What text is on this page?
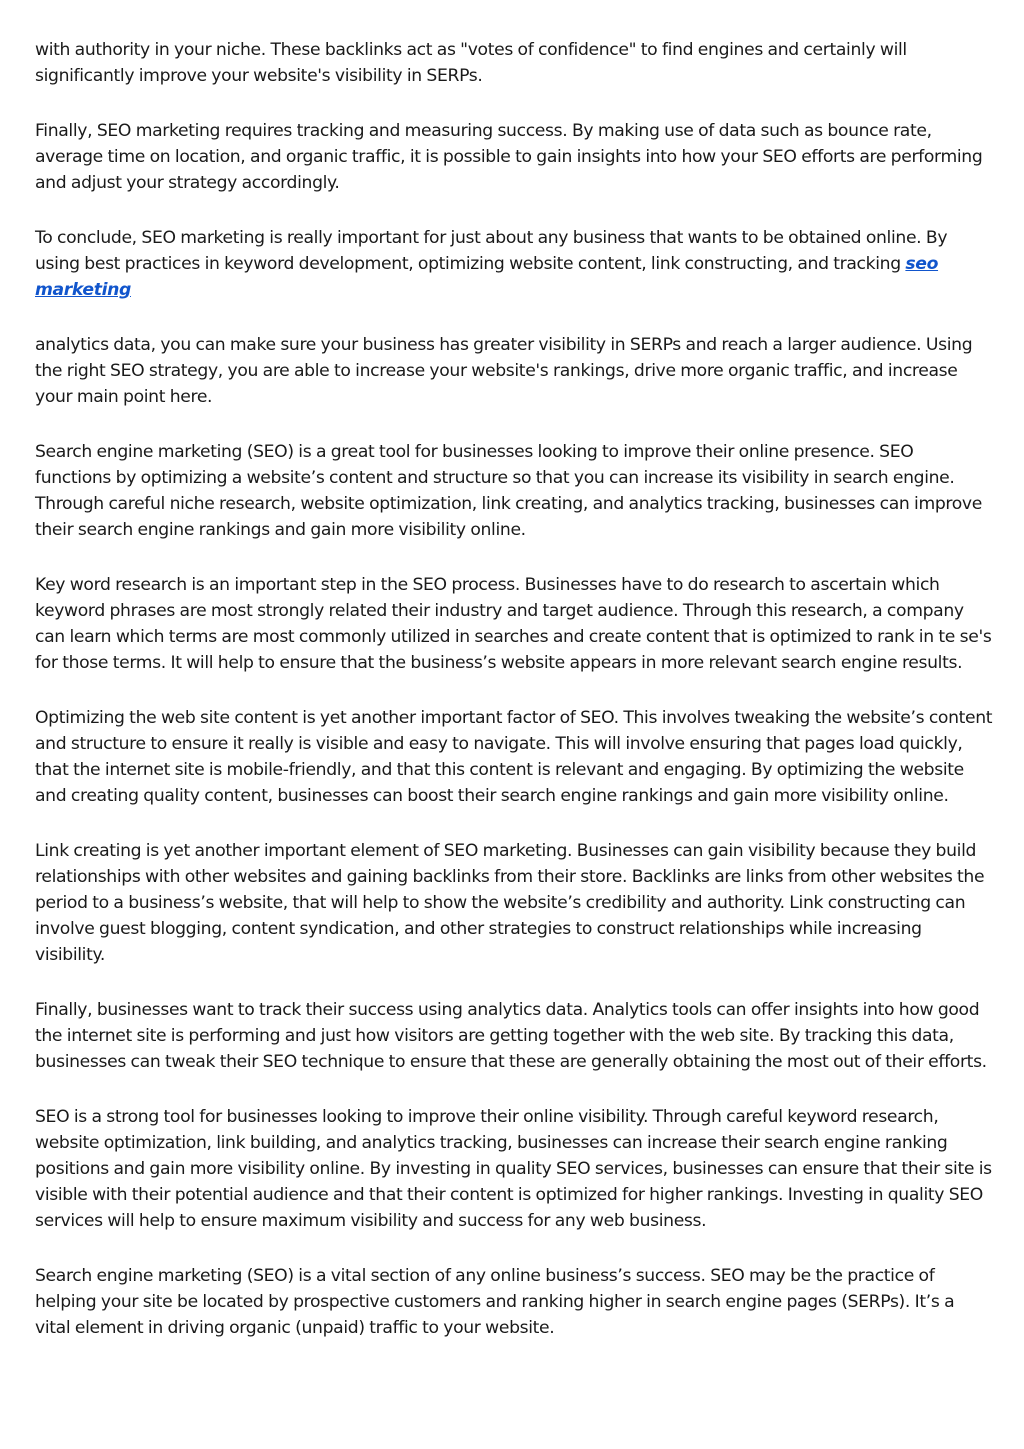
with authority in your niche. These backlinks act as "votes of confidence" to find engines and certainly will significantly improve your website's visibility in SERPs.

Finally, SEO marketing requires tracking and measuring success. By making use of data such as bounce rate, average time on location, and organic traffic, it is possible to gain insights into how your SEO efforts are performing and adjust your strategy accordingly.

To conclude, SEO marketing is really important for just about any business that wants to be obtained online. By using best practices in keyword development, optimizing website content, link constructing, and tracking seo marketing

analytics data, you can make sure your business has greater visibility in SERPs and reach a larger audience. Using the right SEO strategy, you are able to increase your website's rankings, drive more organic traffic, and increase your main point here.

Search engine marketing (SEO) is a great tool for businesses looking to improve their online presence. SEO functions by optimizing a website’s content and structure so that you can increase its visibility in search engine. Through careful niche research, website optimization, link creating, and analytics tracking, businesses can improve their search engine rankings and gain more visibility online.

Key word research is an important step in the SEO process. Businesses have to do research to ascertain which keyword phrases are most strongly related their industry and target audience. Through this research, a company can learn which terms are most commonly utilized in searches and create content that is optimized to rank in te se's for those terms. It will help to ensure that the business’s website appears in more relevant search engine results.

Optimizing the web site content is yet another important factor of SEO. This involves tweaking the website’s content and structure to ensure it really is visible and easy to navigate. This will involve ensuring that pages load quickly, that the internet site is mobile-friendly, and that this content is relevant and engaging. By optimizing the website and creating quality content, businesses can boost their search engine rankings and gain more visibility online.

Link creating is yet another important element of SEO marketing. Businesses can gain visibility because they build relationships with other websites and gaining backlinks from their store. Backlinks are links from other websites the period to a business’s website, that will help to show the website’s credibility and authority. Link constructing can involve guest blogging, content syndication, and other strategies to construct relationships while increasing visibility.

Finally, businesses want to track their success using analytics data. Analytics tools can offer insights into how good the internet site is performing and just how visitors are getting together with the web site. By tracking this data, businesses can tweak their SEO technique to ensure that these are generally obtaining the most out of their efforts.

SEO is a strong tool for businesses looking to improve their online visibility. Through careful keyword research, website optimization, link building, and analytics tracking, businesses can increase their search engine ranking positions and gain more visibility online. By investing in quality SEO services, businesses can ensure that their site is visible with their potential audience and that their content is optimized for higher rankings. Investing in quality SEO services will help to ensure maximum visibility and success for any web business.

Search engine marketing (SEO) is a vital section of any online business’s success. SEO may be the practice of helping your site be located by prospective customers and ranking higher in search engine pages (SERPs). It’s a vital element in driving organic (unpaid) traffic to your website.
